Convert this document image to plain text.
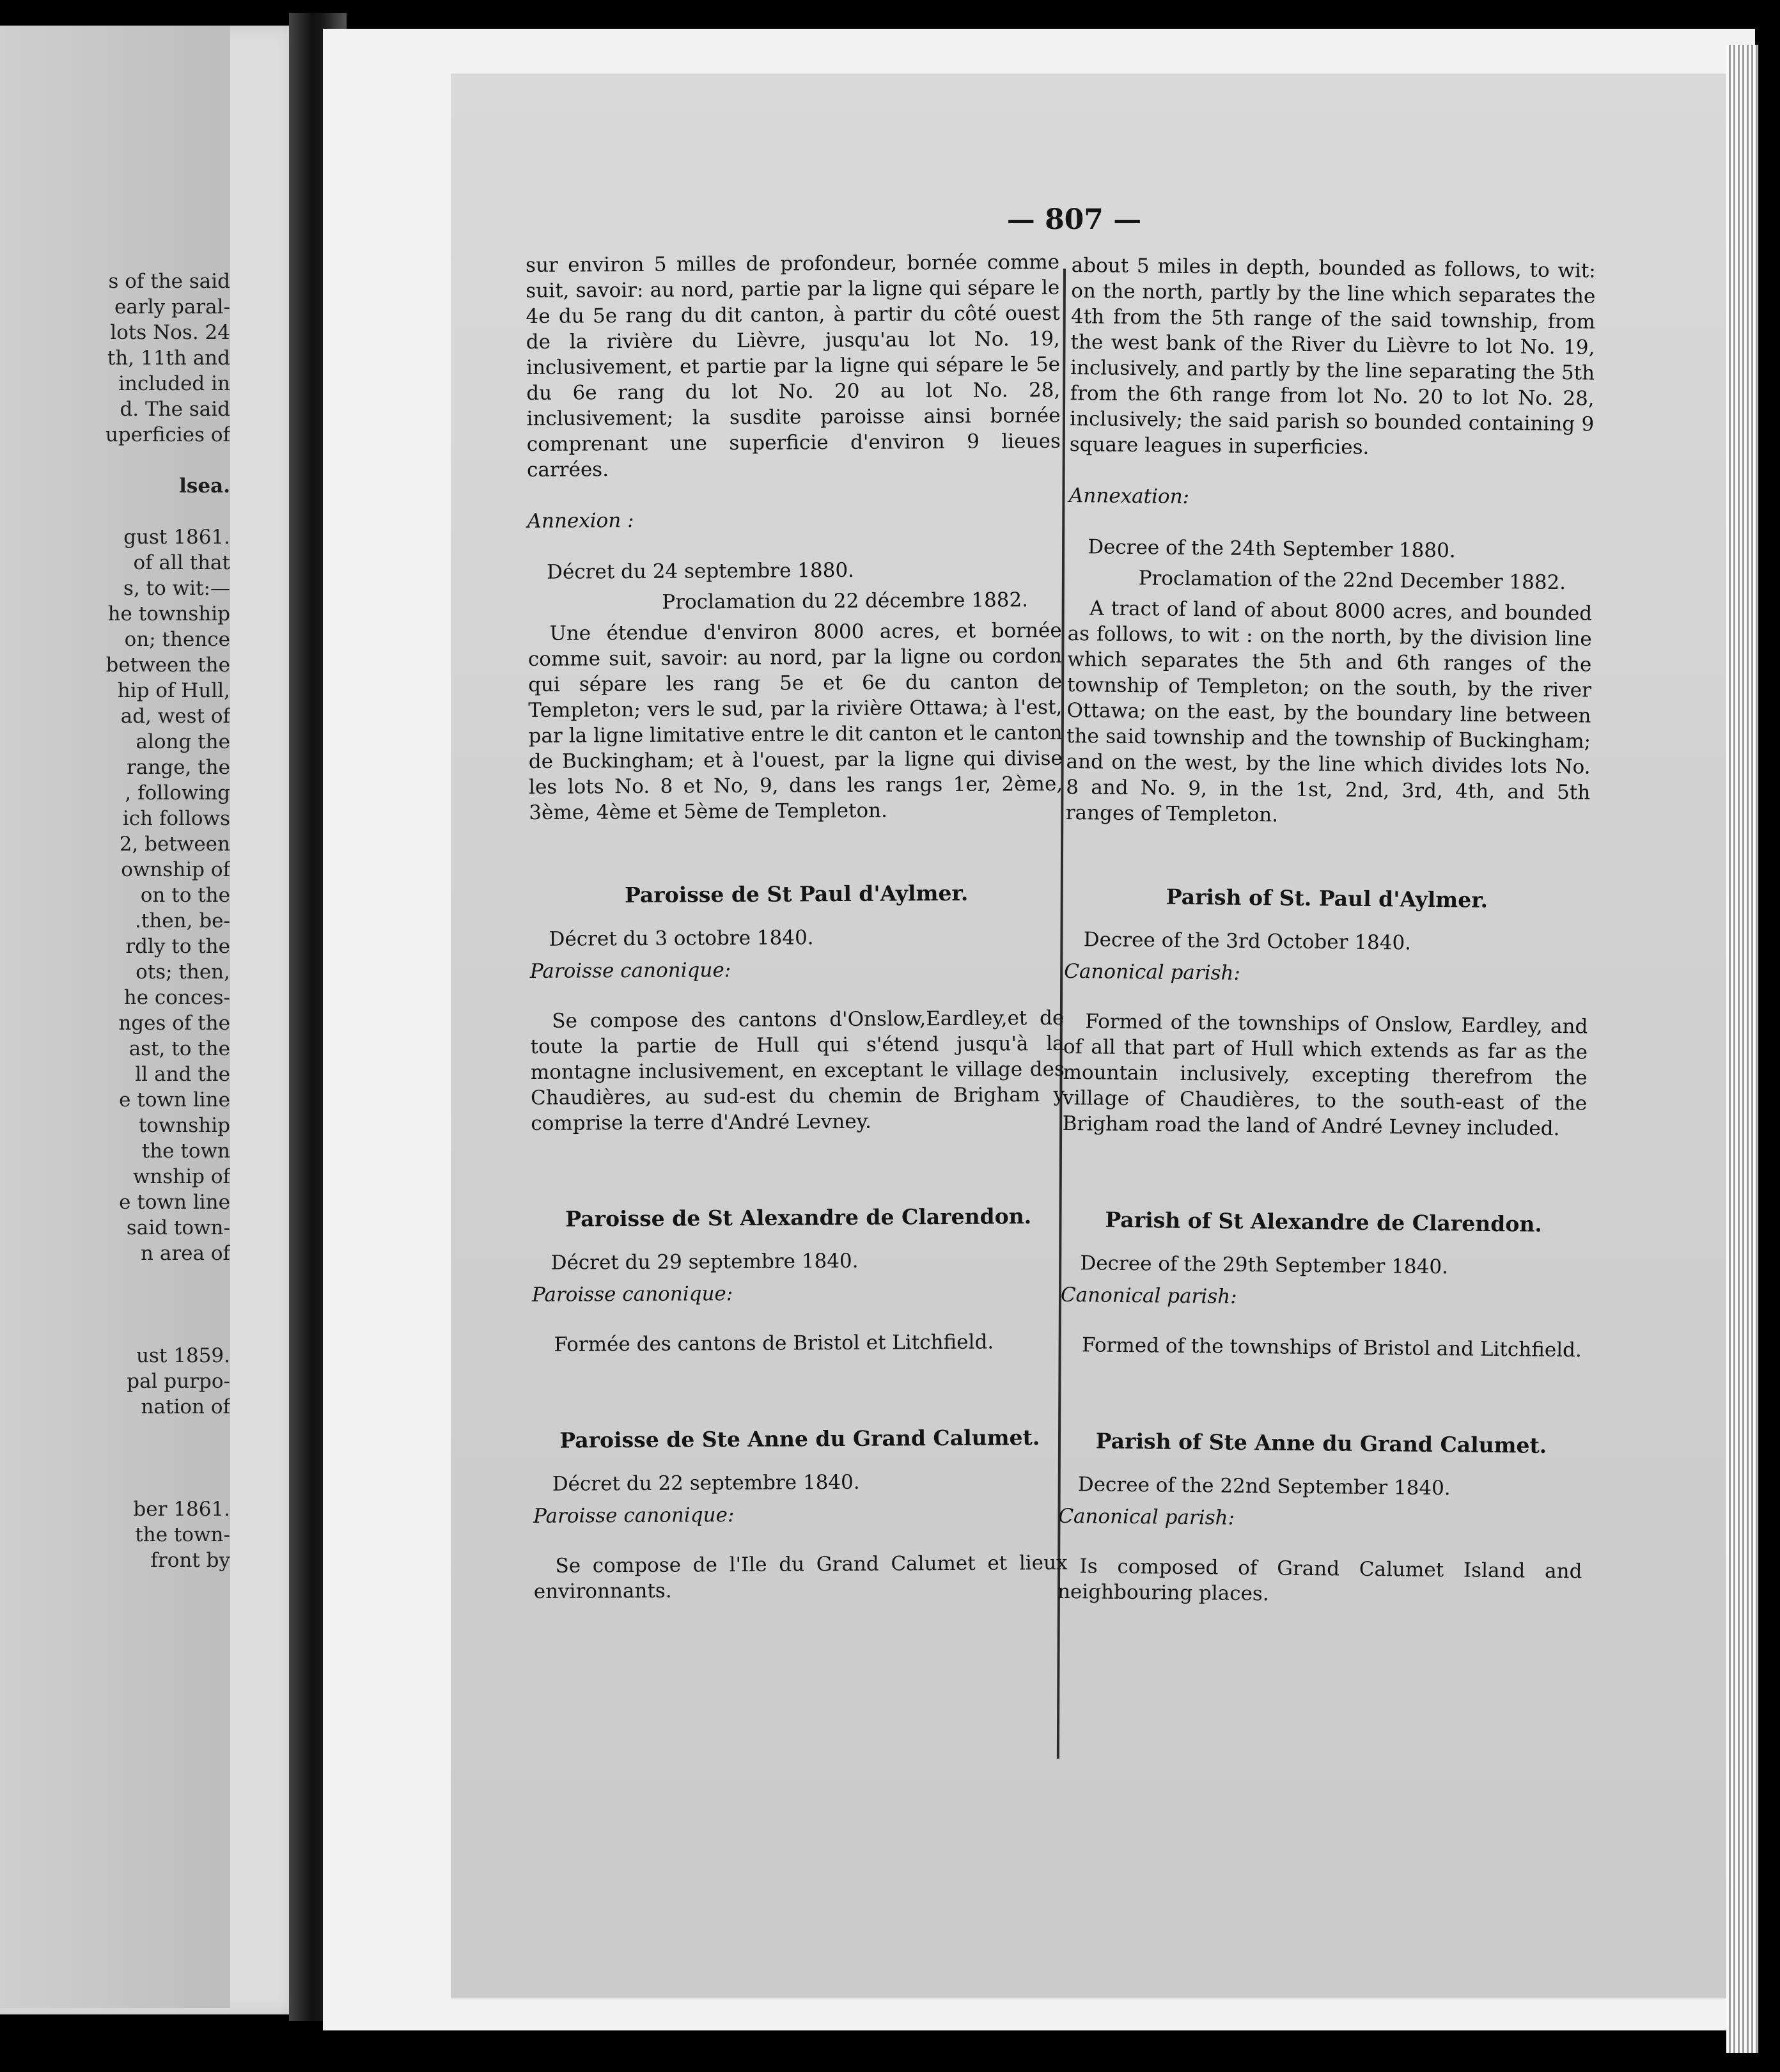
s of the said
early paral-
lots Nos. 24
th, 11th and
included in
d. The said
uperficies of
lsea.
gust 1861.
of all that
s, to wit:—
he township
on; thence
between the
hip of Hull,
ad, west of
along the
range, the
, following
ich follows
2, between
ownship of
on to the
.then, be-
rdly to the
ots; then,
he conces-
nges of the
ast, to the
ll and the
e town line
township
the town
wnship of
e town line
said town-
n area of
ust 1859.
pal purpo-
nation of
ber 1861.
the town-
front by
— 807 —

sur environ 5 milles de profondeur, bornée comme suit, savoir: au nord, partie par la ligne qui sépare le 4e du 5e rang du dit canton, à partir du côté ouest de la rivière du Lièvre, jusqu'au lot No. 19, inclusivement, et partie par la ligne qui sépare le 5e du 6e rang du lot No. 20 au lot No. 28, inclusivement; la susdite paroisse ainsi bornée comprenant une superficie d'environ 9 lieues carrées.

Annexion :

Décret du 24 septembre 1880.

Proclamation du 22 décembre 1882.

Une étendue d'environ 8000 acres, et bornée comme suit, savoir: au nord, par la ligne ou cordon qui sépare les rang 5e et 6e du canton de Templeton; vers le sud, par la rivière Ottawa; à l'est, par la ligne limitative entre le dit canton et le canton de Buckingham; et à l'ouest, par la ligne qui divise les lots No. 8 et No, 9, dans les rangs 1er, 2ème, 3ème, 4ème et 5ème de Templeton.

Paroisse de St Paul d'Aylmer.

Décret du 3 octobre 1840.

Paroisse canonique:

Se compose des cantons d'Onslow,Eardley,et de toute la partie de Hull qui s'étend jusqu'à la montagne inclusivement, en exceptant le village des Chaudières, au sud-est du chemin de Brigham y comprise la terre d'André Levney.

Paroisse de St Alexandre de Clarendon.

Décret du 29 septembre 1840.

Paroisse canonique:

Formée des cantons de Bristol et Litchfield.

Paroisse de Ste Anne du Grand Calumet.

Décret du 22 septembre 1840.

Paroisse canonique:

Se compose de l'Ile du Grand Calumet et lieux environnants.

about 5 miles in depth, bounded as follows, to wit: on the north, partly by the line which separates the 4th from the 5th range of the said township, from the west bank of the River du Lièvre to lot No. 19, inclusively, and partly by the line separating the 5th from the 6th range from lot No. 20 to lot No. 28, inclusively; the said parish so bounded containing 9 square leagues in superficies.

Annexation:

Decree of the 24th September 1880.

Proclamation of the 22nd December 1882.

A tract of land of about 8000 acres, and bounded as follows, to wit : on the north, by the division line which separates the 5th and 6th ranges of the township of Templeton; on the south, by the river Ottawa; on the east, by the boundary line between the said township and the township of Buckingham; and on the west, by the line which divides lots No. 8 and No. 9, in the 1st, 2nd, 3rd, 4th, and 5th ranges of Templeton.

Parish of St. Paul d'Aylmer.

Decree of the 3rd October 1840.

Canonical parish:

Formed of the townships of Onslow, Eardley, and of all that part of Hull which extends as far as the mountain inclusively, excepting therefrom the village of Chaudières, to the south-east of the Brigham road the land of André Levney included.

Parish of St Alexandre de Clarendon.

Decree of the 29th September 1840.

Canonical parish:

Formed of the townships of Bristol and Litchfield.

Parish of Ste Anne du Grand Calumet.

Decree of the 22nd September 1840.

Canonical parish:

Is composed of Grand Calumet Island and neighbouring places.
